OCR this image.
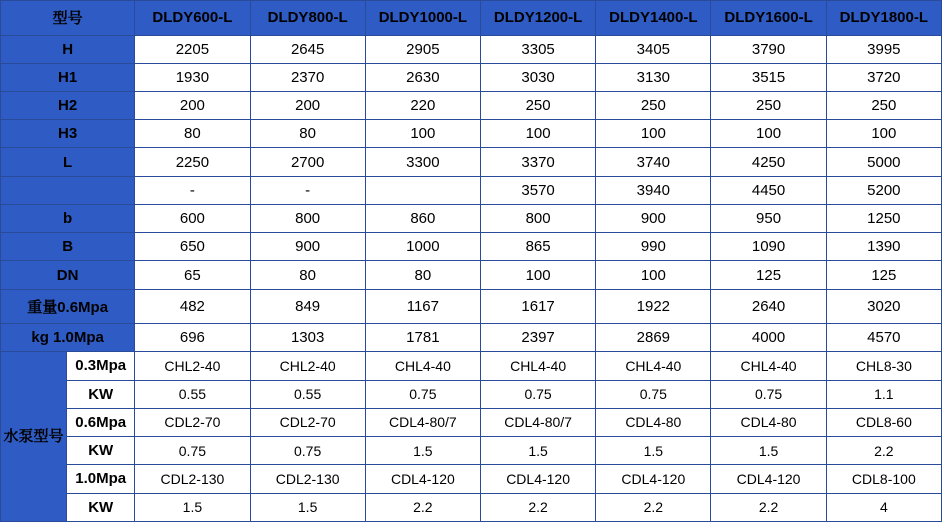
型号		DLDY600-L	DLDY800-L	DLDY1000-L	DLDY1200-L	DLDY1400-L	DLDY1600-L	DLDY1800-L
H		2205	2645	2905	3305	3405	3790	3995
H1		1930	2370	2630	3030	3130	3515	3720
H2		200	200	220	250	250	250	250
H3		80	80	100	100	100	100	100
L		2250	2700	3300	3370	3740	4250	5000
		-	-		3570	3940	4450	5200
b		600	800	860	800	900	950	1250
B		650	900	1000	865	990	1090	1390
DN		65	80	80	100	100	125	125
重量0.6Mpa		482	849	1167	1617	1922	2640	3020
kg 1.0Mpa		696	1303	1781	2397	2869	4000	4570
水泵型号	0.3Mpa	CHL2-40	CHL2-40	CHL4-40	CHL4-40	CHL4-40	CHL4-40	CHL8-30
	KW	0.55	0.55	0.75	0.75	0.75	0.75	1.1
	0.6Mpa	CDL2-70	CDL2-70	CDL4-80/7	CDL4-80/7	CDL4-80	CDL4-80	CDL8-60
	KW	0.75	0.75	1.5	1.5	1.5	1.5	2.2
	1.0Mpa	CDL2-130	CDL2-130	CDL4-120	CDL4-120	CDL4-120	CDL4-120	CDL8-100
	KW	1.5	1.5	2.2	2.2	2.2	2.2	4
